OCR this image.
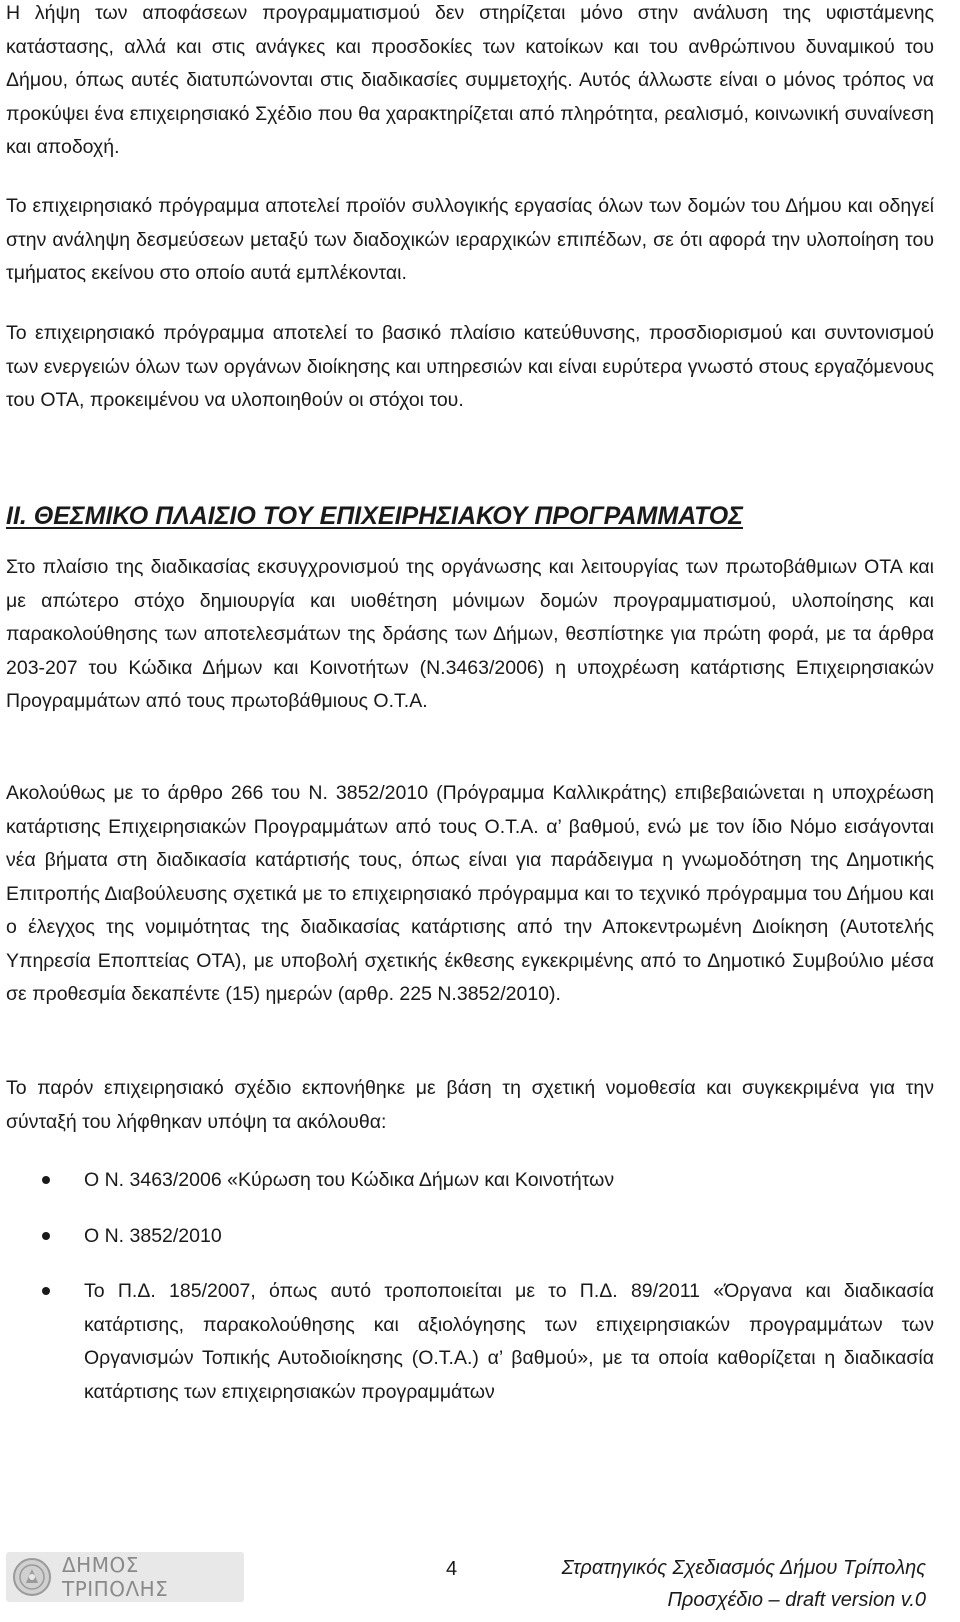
Η λήψη των αποφάσεων προγραμματισμού δεν στηρίζεται μόνο στην ανάλυση της υφιστάμενης κατάστασης, αλλά και στις ανάγκες και προσδοκίες των κατοίκων και του ανθρώπινου δυναμικού του Δήμου, όπως αυτές διατυπώνονται στις διαδικασίες συμμετοχής. Αυτός άλλωστε είναι ο μόνος τρόπος να προκύψει ένα επιχειρησιακό Σχέδιο που θα χαρακτηρίζεται από πληρότητα, ρεαλισμό, κοινωνική συναίνεση και αποδοχή.

Το επιχειρησιακό πρόγραμμα αποτελεί προϊόν συλλογικής εργασίας όλων των δομών του Δήμου και οδηγεί στην ανάληψη δεσμεύσεων μεταξύ των διαδοχικών ιεραρχικών επιπέδων, σε ότι αφορά την υλοποίηση του τμήματος εκείνου στο οποίο αυτά εμπλέκονται.

Το επιχειρησιακό πρόγραμμα αποτελεί το βασικό πλαίσιο κατεύθυνσης, προσδιορισμού και συντονισμού των ενεργειών όλων των οργάνων διοίκησης και υπηρεσιών και είναι ευρύτερα γνωστό στους εργαζόμενους του ΟΤΑ, προκειμένου να υλοποιηθούν οι στόχοι του.

ΙΙ. ΘΕΣΜΙΚΟ ΠΛΑΙΣΙΟ ΤΟΥ ΕΠΙΧΕΙΡΗΣΙΑΚΟΥ ΠΡΟΓΡΑΜΜΑΤΟΣ

Στο πλαίσιο της διαδικασίας εκσυγχρονισμού της οργάνωσης και λειτουργίας των πρωτοβάθμιων ΟΤΑ και με απώτερο στόχο δημιουργία και υιοθέτηση μόνιμων δομών προγραμματισμού, υλοποίησης και παρακολούθησης των αποτελεσμάτων της δράσης των Δήμων, θεσπίστηκε για πρώτη φορά, με τα άρθρα 203-207 του Κώδικα Δήμων και Κοινοτήτων (Ν.3463/2006) η υποχρέωση κατάρτισης Επιχειρησιακών Προγραμμάτων από τους πρωτοβάθμιους Ο.Τ.Α.

Ακολούθως με το άρθρο 266 του Ν. 3852/2010 (Πρόγραμμα Καλλικράτης) επιβεβαιώνεται η υποχρέωση κατάρτισης Επιχειρησιακών Προγραμμάτων από τους Ο.Τ.Α. α’ βαθμού, ενώ με τον ίδιο Νόμο εισάγονται νέα βήματα στη διαδικασία κατάρτισής τους, όπως είναι για παράδειγμα η γνωμοδότηση της Δημοτικής Επιτροπής Διαβούλευσης σχετικά με το επιχειρησιακό πρόγραμμα και το τεχνικό πρόγραμμα του Δήμου και ο έλεγχος της νομιμότητας της διαδικασίας κατάρτισης από την Αποκεντρωμένη Διοίκηση (Αυτοτελής Υπηρεσία Εποπτείας ΟΤΑ), με υποβολή σχετικής έκθεσης εγκεκριμένης από το Δημοτικό Συμβούλιο μέσα σε προθεσμία δεκαπέντε (15) ημερών (αρθρ. 225 Ν.3852/2010).

Το παρόν επιχειρησιακό σχέδιο εκπονήθηκε με βάση τη σχετική νομοθεσία και συγκεκριμένα για την σύνταξή του λήφθηκαν υπόψη τα ακόλουθα:

Ο Ν. 3463/2006 «Κύρωση του Κώδικα Δήμων και Κοινοτήτων
Ο Ν. 3852/2010
Το Π.Δ. 185/2007, όπως αυτό τροποποιείται με το Π.Δ. 89/2011 «Όργανα και διαδικασία κατάρτισης, παρακολούθησης και αξιολόγησης των επιχειρησιακών προγραμμάτων των Οργανισμών Τοπικής Αυτοδιοίκησης (Ο.Τ.Α.) α’ βαθμού», με τα οποία καθορίζεται η διαδικασία κατάρτισης των επιχειρησιακών προγραμμάτων
ΔΗΜΟΣ ΤΡΙΠΟΛΗΣ
4	Στρατηγικός Σχεδιασμός Δήμου Τρίπολης
Προσχέδιο – draft version v.0
